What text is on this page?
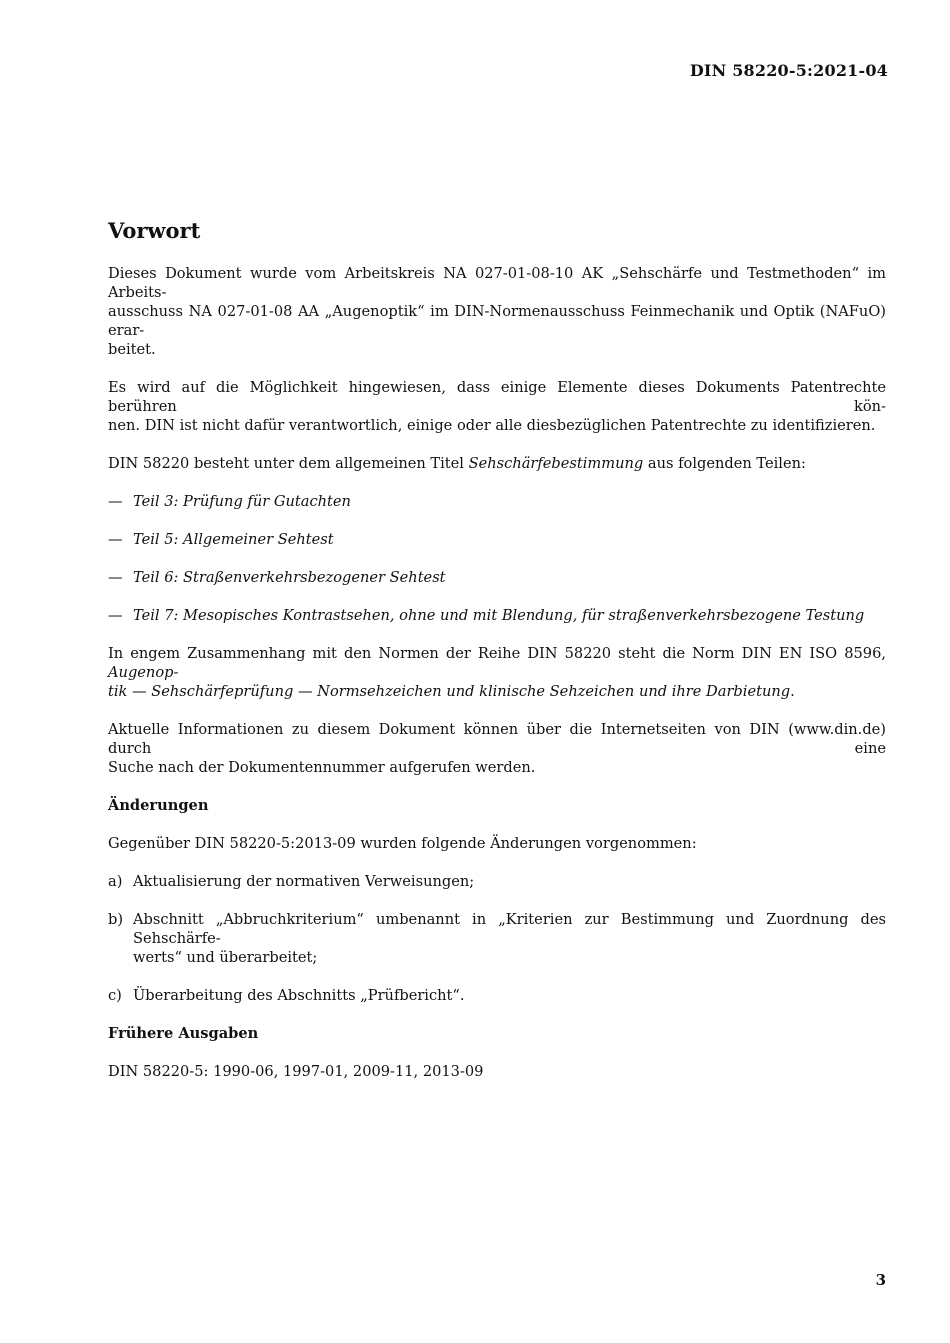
DIN 58220-5:2021-04
Vorwort

Dieses Dokument wurde vom Arbeitskreis NA 027-01-08-10 AK „Sehschärfe und Testmethoden“ im Arbeits-
ausschuss NA 027-01-08 AA „Augenoptik“ im DIN-Normenausschuss Feinmechanik und Optik (NAFuO) erar-
beitet.

Es wird auf die Möglichkeit hingewiesen, dass einige Elemente dieses Dokuments Patentrechte berühren kön-
nen. DIN ist nicht dafür verantwortlich, einige oder alle diesbezüglichen Patentrechte zu identifizieren.

DIN 58220 besteht unter dem allgemeinen Titel Sehschärfebestimmung aus folgenden Teilen:

— Teil 3: Prüfung für Gutachten
— Teil 5: Allgemeiner Sehtest
— Teil 6: Straßenverkehrsbezogener Sehtest
— Teil 7: Mesopisches Kontrastsehen, ohne und mit Blendung, für straßenverkehrsbezogene Testung

In engem Zusammenhang mit den Normen der Reihe DIN 58220 steht die Norm DIN EN ISO 8596, Augenop-
tik — Sehschärfeprüfung — Normsehzeichen und klinische Sehzeichen und ihre Darbietung.

Aktuelle Informationen zu diesem Dokument können über die Internetseiten von DIN (www.din.de) durch eine
Suche nach der Dokumentennummer aufgerufen werden.

Änderungen

Gegenüber DIN 58220-5:2013-09 wurden folgende Änderungen vorgenommen:

a) Aktualisierung der normativen Verweisungen;
b) Abschnitt „Abbruchkriterium“ umbenannt in „Kriterien zur Bestimmung und Zuordnung des Sehschärfe-
werts“ und überarbeitet;
c) Überarbeitung des Abschnitts „Prüfbericht“.
Frühere Ausgaben

DIN 58220-5: 1990-06, 1997-01, 2009-11, 2013-09

3
